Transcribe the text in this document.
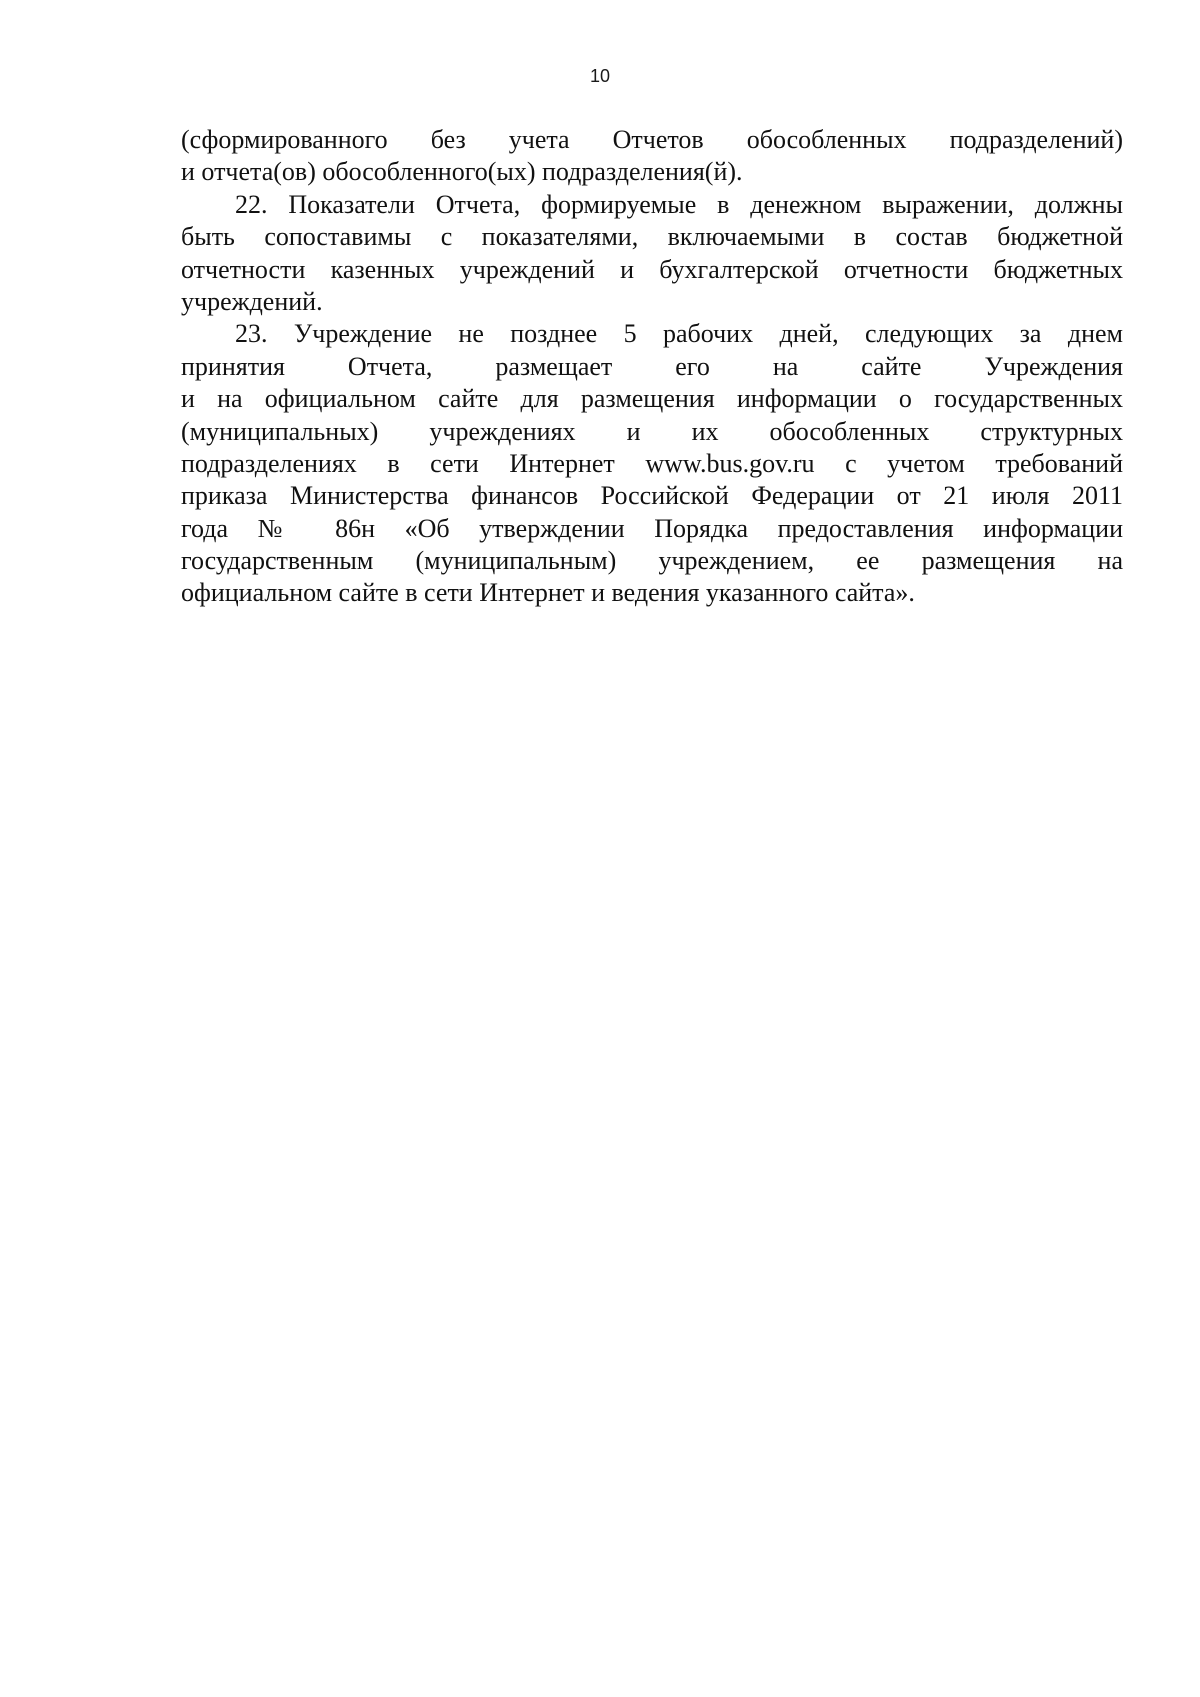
10
(сформированного без учета Отчетов обособленных подразделений)
и отчета(ов) обособленного(ых) подразделения(й).
22. Показатели Отчета, формируемые в денежном выражении, должны
быть сопоставимы с показателями, включаемыми в состав бюджетной
отчетности казенных учреждений и бухгалтерской отчетности бюджетных
учреждений.
23. Учреждение не позднее 5 рабочих дней, следующих за днем
принятия Отчета, размещает его на сайте Учреждения
и на официальном сайте для размещения информации о государственных
(муниципальных) учреждениях и их обособленных структурных
подразделениях в сети Интернет www.bus.gov.ru с учетом требований
приказа Министерства финансов Российской Федерации от 21 июля 2011
года № 86н «Об утверждении Порядка предоставления информации
государственным (муниципальным) учреждением, ее размещения на
официальном сайте в сети Интернет и ведения указанного сайта».
